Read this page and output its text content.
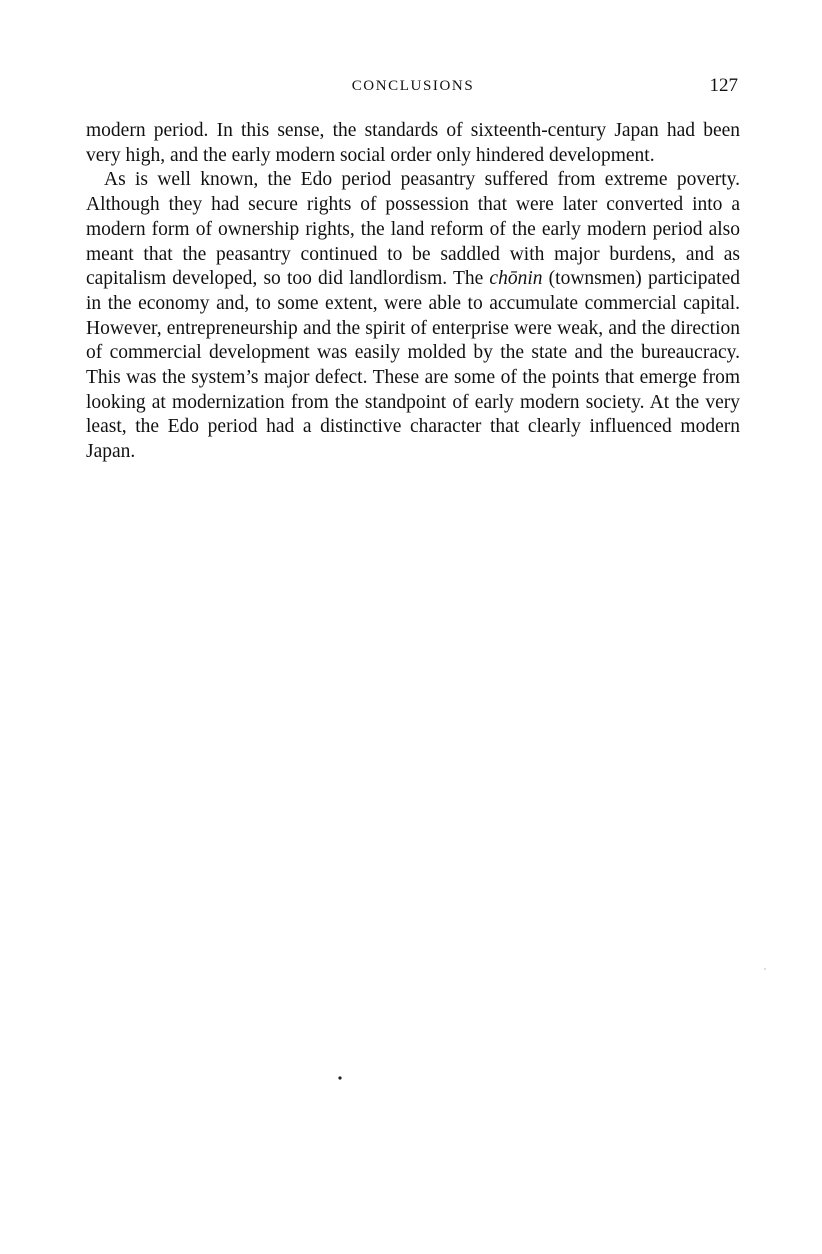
CONCLUSIONS	127

modern period. In this sense, the standards of sixteenth-century Japan had been very high, and the early modern social order only hindered development.

As is well known, the Edo period peasantry suffered from extreme poverty. Although they had secure rights of possession that were later converted into a modern form of ownership rights, the land reform of the early modern period also meant that the peasantry continued to be saddled with major burdens, and as capitalism developed, so too did landlordism. The chōnin (townsmen) participated in the economy and, to some extent, were able to accumulate commercial capital. However, entrepreneurship and the spirit of enterprise were weak, and the direction of commercial development was easily molded by the state and the bureaucracy. This was the system’s major defect. These are some of the points that emerge from looking at modernization from the standpoint of early modern society. At the very least, the Edo period had a distinctive character that clearly influenced modern Japan.
